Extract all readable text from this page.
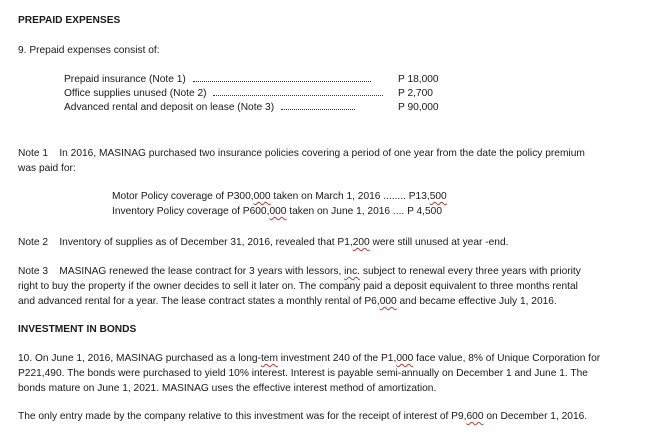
PREPAID EXPENSES
9. Prepaid expenses consist of:
Prepaid insurance (Note 1)	P 18,000
Office supplies unused (Note 2)	P 2,700
Advanced rental and deposit on lease (Note 3)	P 90,000
Note 1 In 2016, MASINAG purchased two insurance policies covering a period of one year from the date the policy premium
was paid for:
Motor Policy coverage of P300,000 taken on March 1, 2016 ........ P13,500
Inventory Policy coverage of P600,000 taken on June 1, 2016 .... P 4,500
Note 2 Inventory of supplies as of December 31, 2016, revealed that P1,200 were still unused at year -end.
Note 3 MASINAG renewed the lease contract for 3 years with lessors, inc. subject to renewal every three years with priority
right to buy the property if the owner decides to sell it later on. The company paid a deposit equivalent to three months rental
and advanced rental for a year. The lease contract states a monthly rental of P6,000 and became effective July 1, 2016.
INVESTMENT IN BONDS
10. On June 1, 2016, MASINAG purchased as a long-tem investment 240 of the P1,000 face value, 8% of Unique Corporation for
P221,490. The bonds were purchased to yield 10% interest. Interest is payable semi-annually on December 1 and June 1. The
bonds mature on June 1, 2021. MASINAG uses the effective interest method of amortization.
The only entry made by the company relative to this investment was for the receipt of interest of P9,600 on December 1, 2016.
